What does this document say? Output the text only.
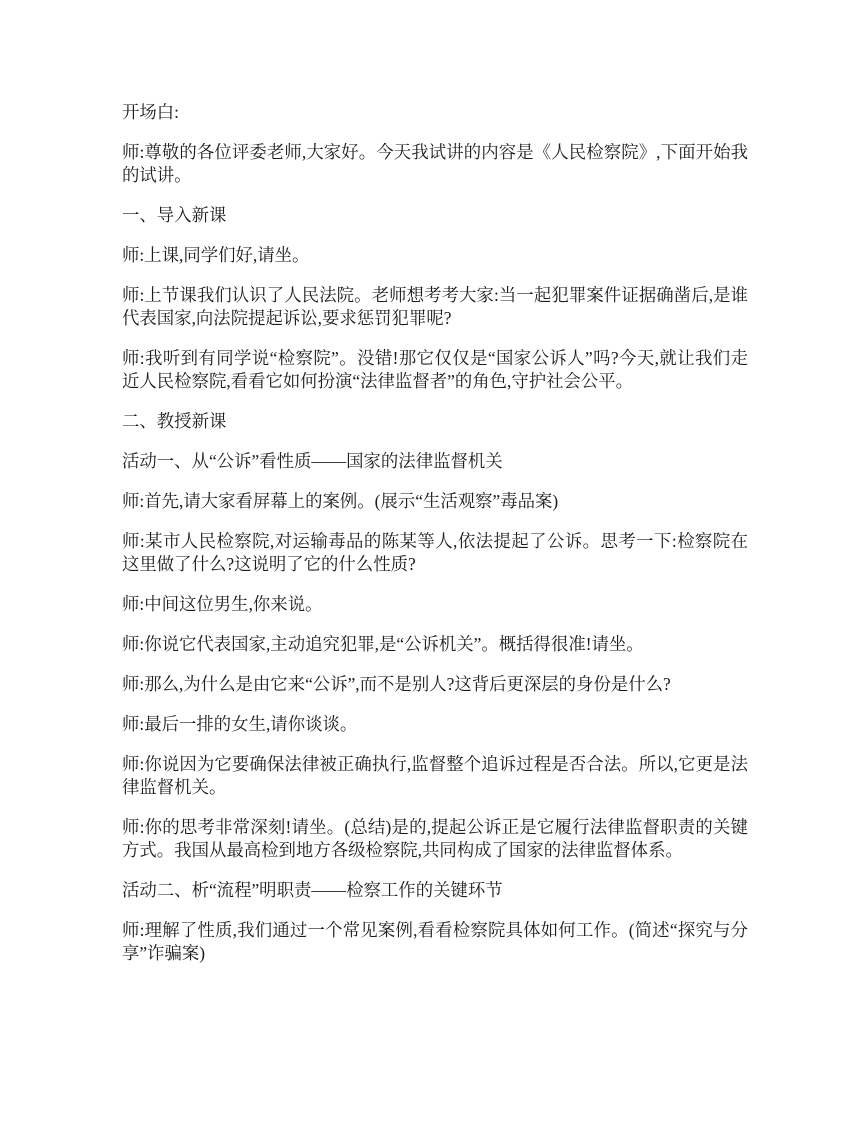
开场白:

师:尊敬的各位评委老师,大家好。今天我试讲的内容是《人民检察院》,下面开始我的试讲。

一、导入新课

师:上课,同学们好,请坐。

师:上节课我们认识了人民法院。老师想考考大家:当一起犯罪案件证据确凿后,是谁代表国家,向法院提起诉讼,要求惩罚犯罪呢?

师:我听到有同学说“检察院”。没错!那它仅仅是“国家公诉人”吗?今天,就让我们走近人民检察院,看看它如何扮演“法律监督者”的角色,守护社会公平。

二、教授新课

活动一、从“公诉”看性质——国家的法律监督机关

师:首先,请大家看屏幕上的案例。(展示“生活观察”毒品案)

师:某市人民检察院,对运输毒品的陈某等人,依法提起了公诉。思考一下:检察院在这里做了什么?这说明了它的什么性质?

师:中间这位男生,你来说。

师:你说它代表国家,主动追究犯罪,是“公诉机关”。概括得很准!请坐。

师:那么,为什么是由它来“公诉”,而不是别人?这背后更深层的身份是什么?

师:最后一排的女生,请你谈谈。

师:你说因为它要确保法律被正确执行,监督整个追诉过程是否合法。所以,它更是法律监督机关。

师:你的思考非常深刻!请坐。(总结)是的,提起公诉正是它履行法律监督职责的关键方式。我国从最高检到地方各级检察院,共同构成了国家的法律监督体系。

活动二、析“流程”明职责——检察工作的关键环节

师:理解了性质,我们通过一个常见案例,看看检察院具体如何工作。(简述“探究与分享”诈骗案)
